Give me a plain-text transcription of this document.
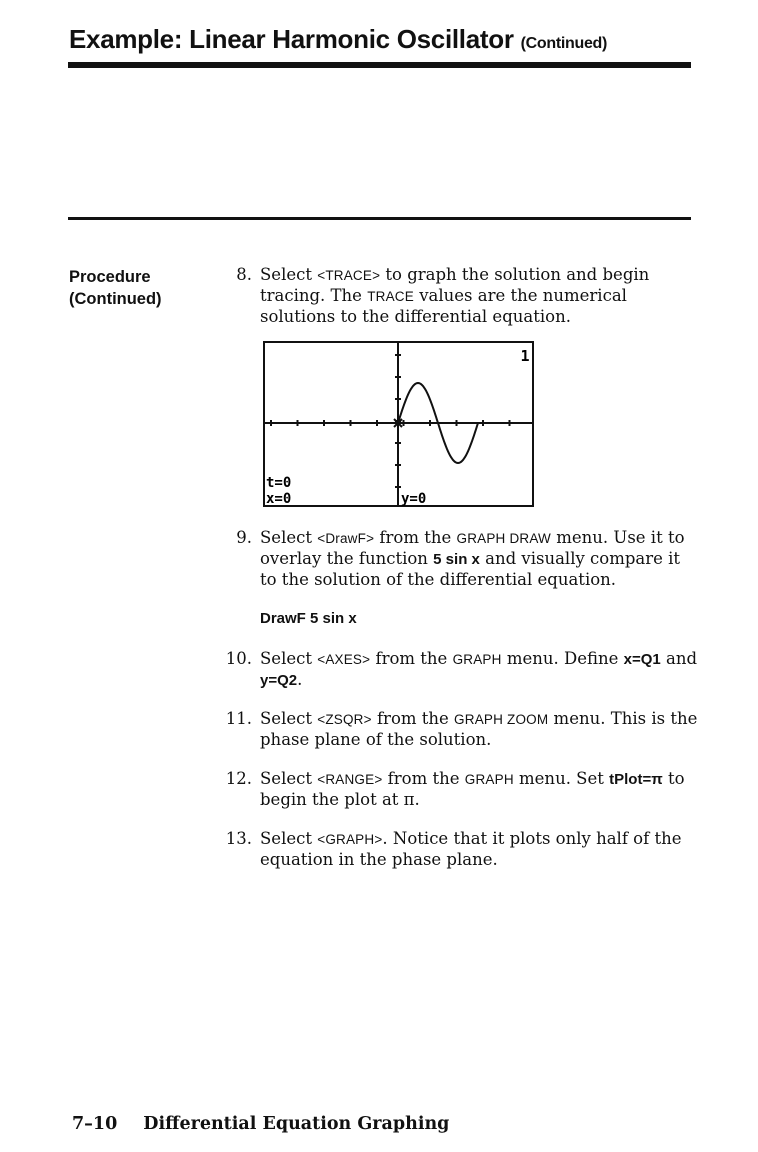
Example: Linear Harmonic Oscillator (Continued)
Procedure
(Continued)
8. Select <TRACE> to graph the solution and begin tracing. The TRACE values are the numerical solutions to the differential equation.
1
t=0
x=0	y=0
9. Select <DrawF> from the GRAPH DRAW menu. Use it to overlay the function 5 sin x and visually compare it to the solution of the differential equation.
DrawF 5 sin x
10. Select <AXES> from the GRAPH menu. Define x=Q1 and y=Q2.
11. Select <ZSQR> from the GRAPH ZOOM menu. This is the phase plane of the solution.
12. Select <RANGE> from the GRAPH menu. Set tPlot=π to begin the plot at π.
13. Select <GRAPH>. Notice that it plots only half of the equation in the phase plane.
7–10 Differential Equation Graphing
